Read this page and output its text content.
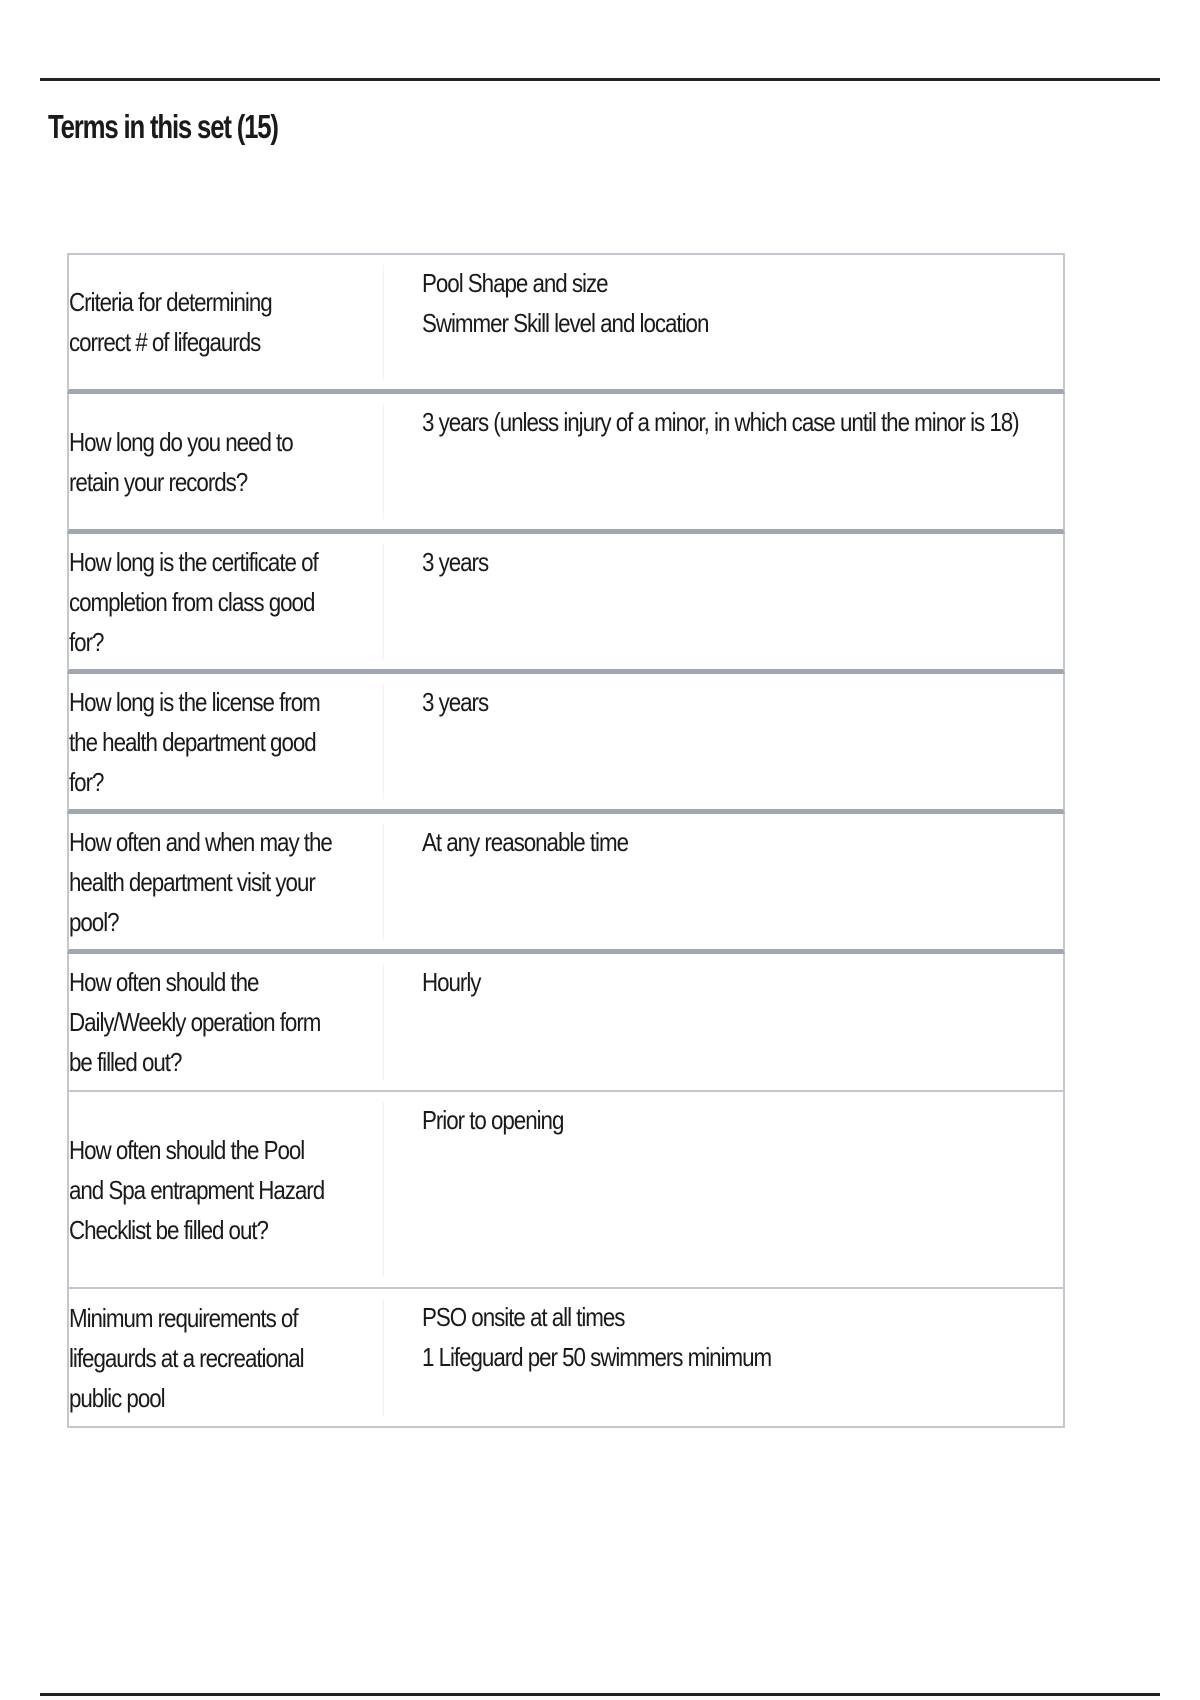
Terms in this set (15)
Criteria for determining correct # of lifegaurds
Pool Shape and size
Swimmer Skill level and location
How long do you need to retain your records?
3 years (unless injury of a minor, in which case until the minor is 18)
How long is the certificate of completion from class good for?
3 years
How long is the license from the health department good for?
3 years
How often and when may the health department visit your pool?
At any reasonable time
How often should the Daily/Weekly operation form be filled out?
Hourly
How often should the Pool and Spa entrapment Hazard Checklist be filled out?
Prior to opening
Minimum requirements of lifegaurds at a recreational public pool
PSO onsite at all times
1 Lifeguard per 50 swimmers minimum
